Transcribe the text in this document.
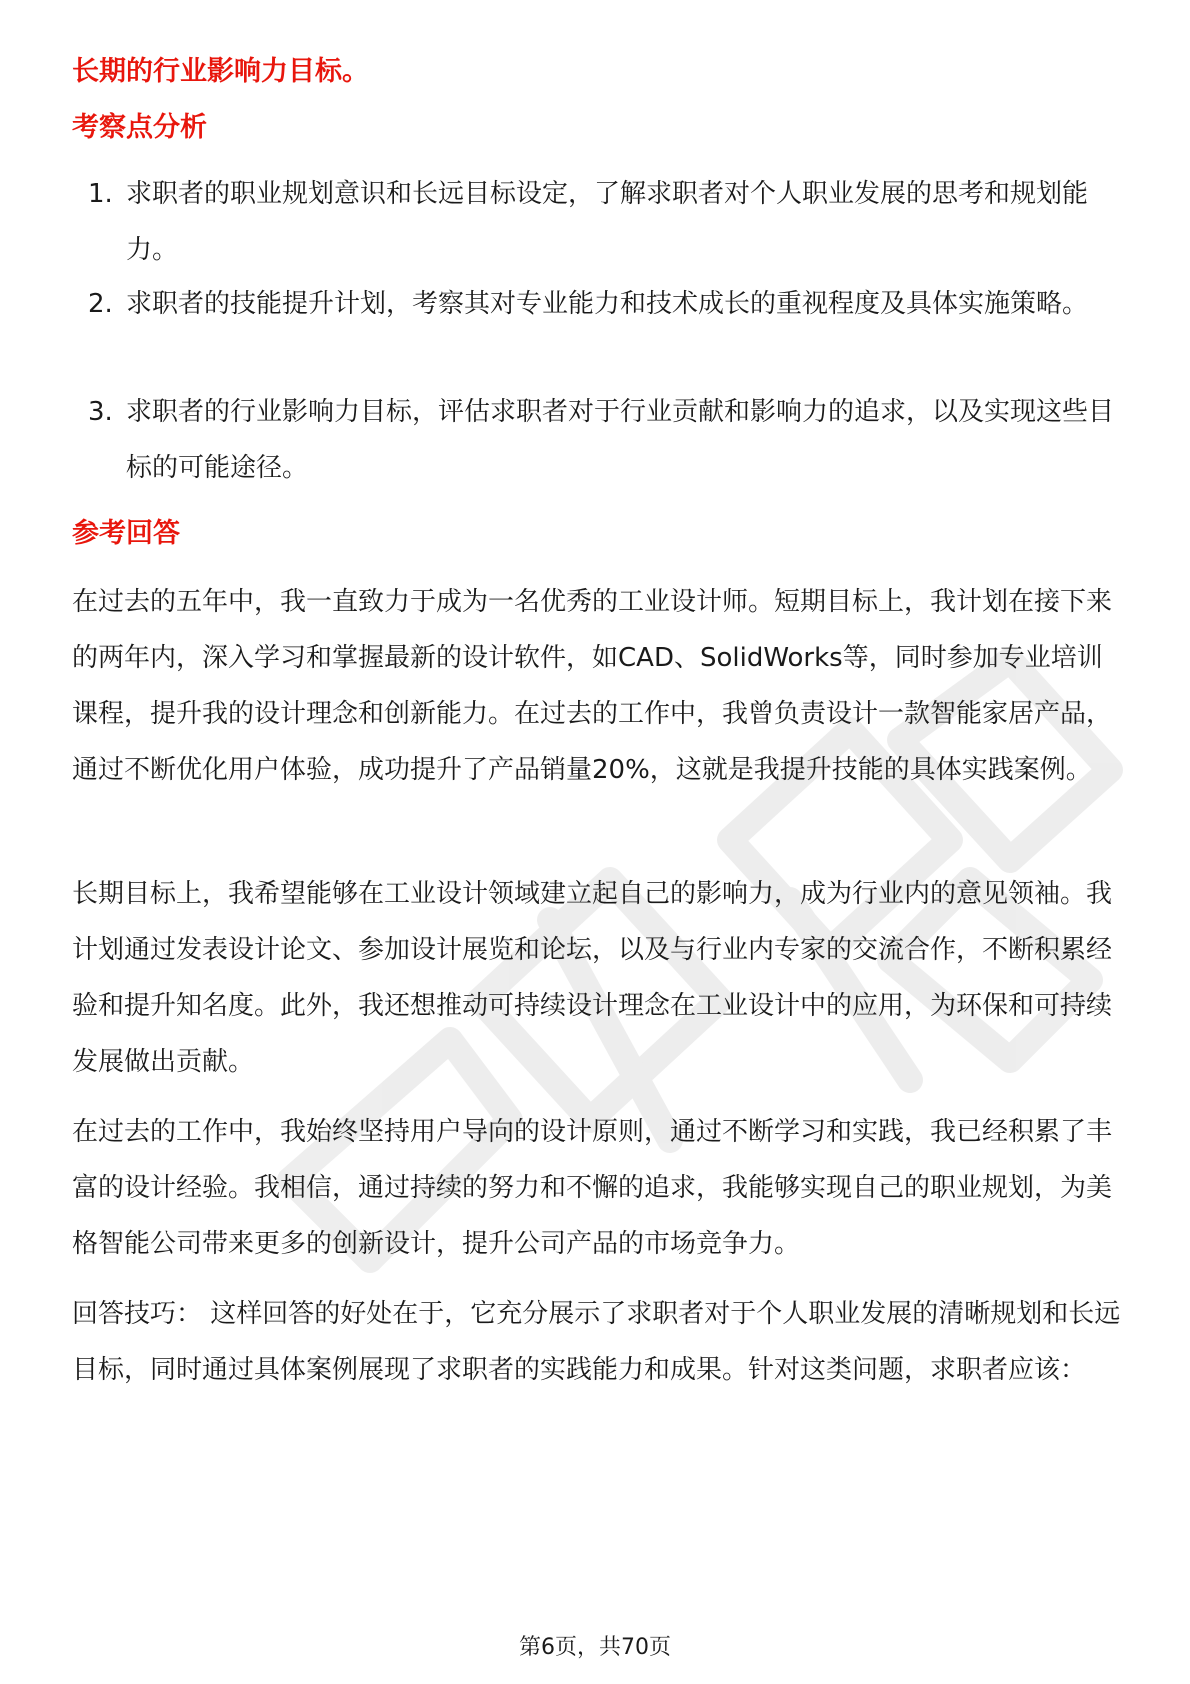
长期的行业影响力目标。

考察点分析

1. 求职者的职业规划意识和长远目标设定，了解求职者对个人职业发展的思考和规划能力。
2. 求职者的技能提升计划，考察其对专业能力和技术成长的重视程度及具体实施策略。
3. 求职者的行业影响力目标，评估求职者对于行业贡献和影响力的追求，以及实现这些目标的可能途径。

参考回答

在过去的五年中，我一直致力于成为一名优秀的工业设计师。短期目标上，我计划在接下来的两年内，深入学习和掌握最新的设计软件，如CAD、SolidWorks等，同时参加专业培训课程，提升我的设计理念和创新能力。在过去的工作中，我曾负责设计一款智能家居产品，通过不断优化用户体验，成功提升了产品销量20%，这就是我提升技能的具体实践案例。

长期目标上，我希望能够在工业设计领域建立起自己的影响力，成为行业内的意见领袖。我计划通过发表设计论文、参加设计展览和论坛，以及与行业内专家的交流合作，不断积累经验和提升知名度。此外，我还想推动可持续设计理念在工业设计中的应用，为环保和可持续发展做出贡献。

在过去的工作中，我始终坚持用户导向的设计原则，通过不断学习和实践，我已经积累了丰富的设计经验。我相信，通过持续的努力和不懈的追求，我能够实现自己的职业规划，为美格智能公司带来更多的创新设计，提升公司产品的市场竞争力。

回答技巧： 这样回答的好处在于，它充分展示了求职者对于个人职业发展的清晰规划和长远目标，同时通过具体案例展现了求职者的实践能力和成果。针对这类问题，求职者应该：

第6页，共70页
